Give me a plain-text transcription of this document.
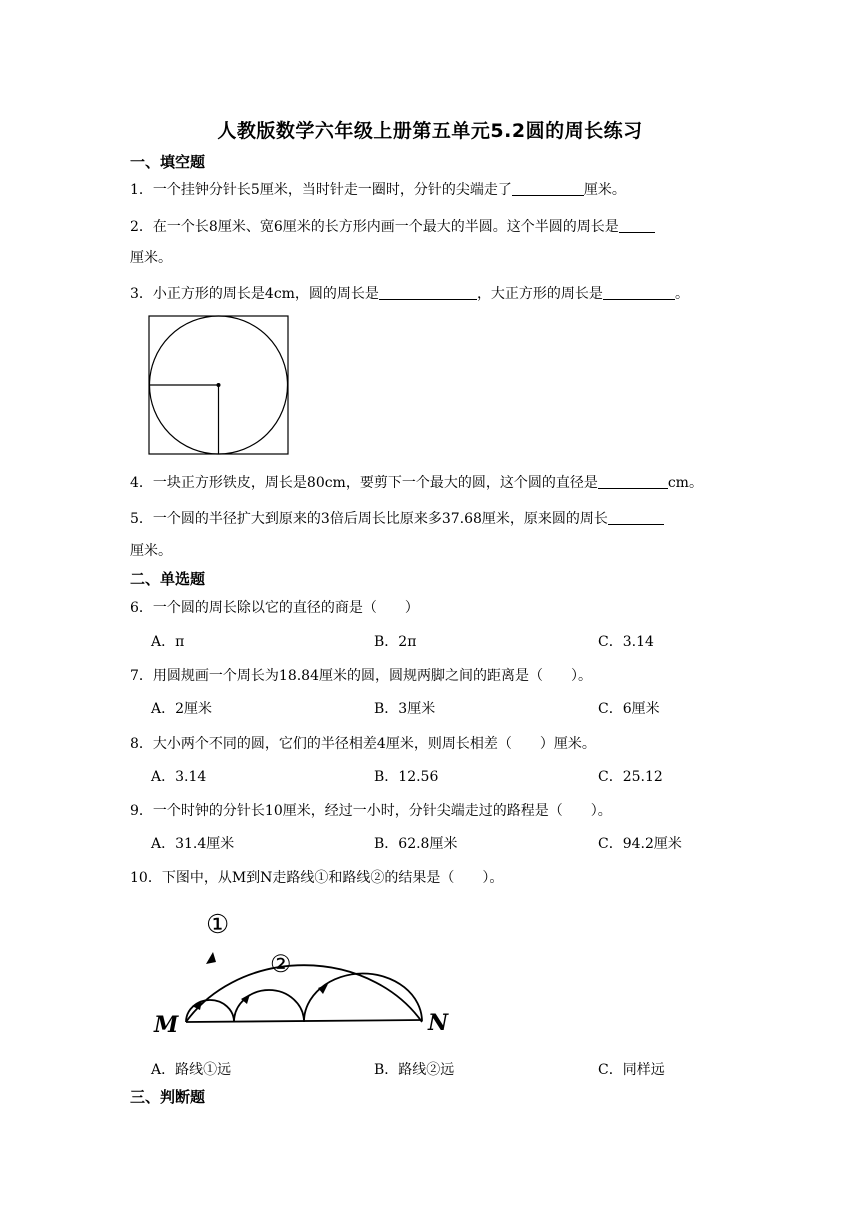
人教版数学六年级上册第五单元5.2圆的周长练习
一、填空题
1．一个挂钟分针长5厘米，当时针走一圈时，分针的尖端走了	厘米。
2．在一个长8厘米、宽6厘米的长方形内画一个最大的半圆。这个半圆的周长是
厘米。
3．小正方形的周长是4cm，圆的周长是	，大正方形的周长是	。
4．一块正方形铁皮，周长是80cm，要剪下一个最大的圆，这个圆的直径是	cm。
5．一个圆的半径扩大到原来的3倍后周长比原来多37.68厘米，原来圆的周长
厘米。
二、单选题
6．一个圆的周长除以它的直径的商是（　　）
A．π	B．2π	C．3.14
7．用圆规画一个周长为18.84厘米的圆，圆规两脚之间的距离是（　　）。
A．2厘米	B．3厘米	C．6厘米
8．大小两个不同的圆，它们的半径相差4厘米，则周长相差（　　）厘米。
A．3.14	B．12.56	C．25.12
9．一个时钟的分针长10厘米，经过一小时，分针尖端走过的路程是（　　）。
A．31.4厘米	B．62.8厘米	C．94.2厘米
10．下图中，从M到N走路线①和路线②的结果是（　　）。
M	N
①
②
A．路线①远	B．路线②远	C．同样远
三、判断题
